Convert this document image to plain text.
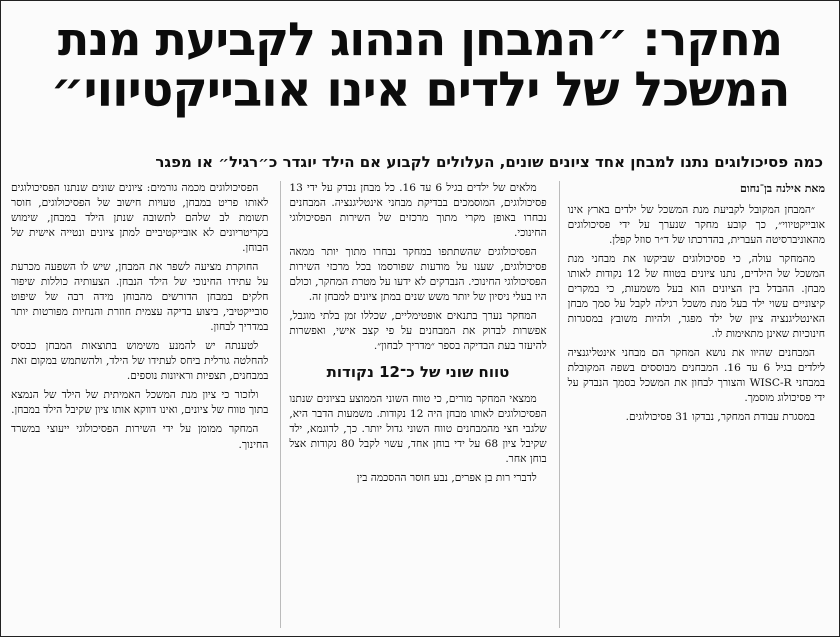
מחקר: ״המבחן הנהוג לקביעת מנת
המשכל של ילדים אינו אובייקטיווי״
כמה פסיכולוגים נתנו למבחן אחד ציונים שונים, העלולים לקבוע אם הילד יוגדר כ״רגיל״ או מפגר
מאת אילנה בן־נחום

״המבחן המקובל לקביעת מנת המשכל של ילדים בארץ אינו אובייקטיווי״, כך קובע מחקר שנערך על ידי פסיכולוגים מהאוניברסיטה העברית, בהדרכתו של ד״ר סוזל קפלן.

מהמחקר עולה, כי פסיכולוגים שביקשו את מבחני מנת המשכל של הילדים, נתנו ציונים בטווח של 12 נקודות לאותו מבחן. ההבדל בין הציונים הוא בעל משמעות, כי במקרים קיצוניים עשוי ילד בעל מנת משכל רגילה לקבל על סמך מבחן האינטליגנציה ציון של ילד מפגר, ולהיות משובץ במסגרות חינוכיות שאינן מתאימות לו.

המבחנים שהיוו את נושא המחקר הם מבחני אינטליגנציה לילדים בגיל 6 עד 16. המבחנים מבוססים בשפה המקובלת במבחני WISC-R והצורך לבחון את המשכל בסמך הנבדק על ידי פסיכולוג מוסמך.

במסגרת עבודת המחקר, נבדקו 31 פסיכולוגים.

מלאים של ילדים בגיל 6 עד 16. כל מבחן נבדק על ידי 13 פסיכולוגים, המוסמכים בבדיקת מבחני אינטליגנציה. המבחנים נבחרו באופן מקרי מתוך מרכזים של השירות הפסיכולוגי החינוכי.

הפסיכולוגים שהשתתפו במחקר נבחרו מתוך יותר ממאה פסיכולוגים, שענו על מודעות שפורסמו בכל מרכזי השירות הפסיכולוגי החינוכי. הנבדקים לא ידעו על מטרת המחקר, וכולם היו בעלי ניסיון של יותר משש שנים במתן ציונים למבחן זה.

המחקר נערך בתנאים אופטימליים, שכללו זמן בלתי מוגבל, אפשרות לבדוק את המבחנים על פי קצב אישי, ואפשרות להיעזר בעת הבדיקה בספר ״מדריך לבחון״.

טווח שוני של כ־12 נקודות

ממצאי המחקר מורים, כי טווח השוני הממוצע בציונים שנתנו הפסיכולוגים לאותו מבחן היה 12 נקודות. משמעות הדבר היא, שלגבי חצי מהמבחנים טווח השוני גדול יותר. כך, לדוגמא, ילד שקיבל ציון 68 על ידי בוחן אחד, עשוי לקבל 80 נקודות אצל בוחן אחר.

לדברי רות בן אפרים, נבע חוסר ההסכמה בין

הפסיכולוגים מכמה גורמים: ציונים שונים שנתנו הפסיכולוגים לאותו פריט במבחן, טעויות חישוב של הפסיכולוגים, חוסר תשומת לב שלהם לתשובה שנתן הילד במבחן, שימוש בקריטריונים לא אובייקטיביים למתן ציונים ונטייה אישית של הבוחן.

החוקרת מציעה לשפר את המבחן, שיש לו השפעה מכרעת על עתידו החינוכי של הילד הנבחן. הצעותיה כוללות שיפור חלקים במבחן הדורשים מהבוחן מידה רבה של שיפוט סובייקטיבי, ביצוע בדיקה עצמית חוזרת והנחיות מפורטות יותר במדריך לבחון.

לטענתה יש להמנע משימוש בתוצאות המבחן כבסיס להחלטה גורלית ביחס לעתידו של הילד, ולהשתמש במקום זאת במבחנים, תצפיות וראיונות נוספים.

ולזכור כי ציון מנת המשכל האמיתית של הילד של הנמצא בתוך טווח של ציונים, ואינו דווקא אותו ציון שקיבל הילד במבחן.

המחקר ממומן על ידי השירות הפסיכולוגי ייעוצי במשרד החינוך.
